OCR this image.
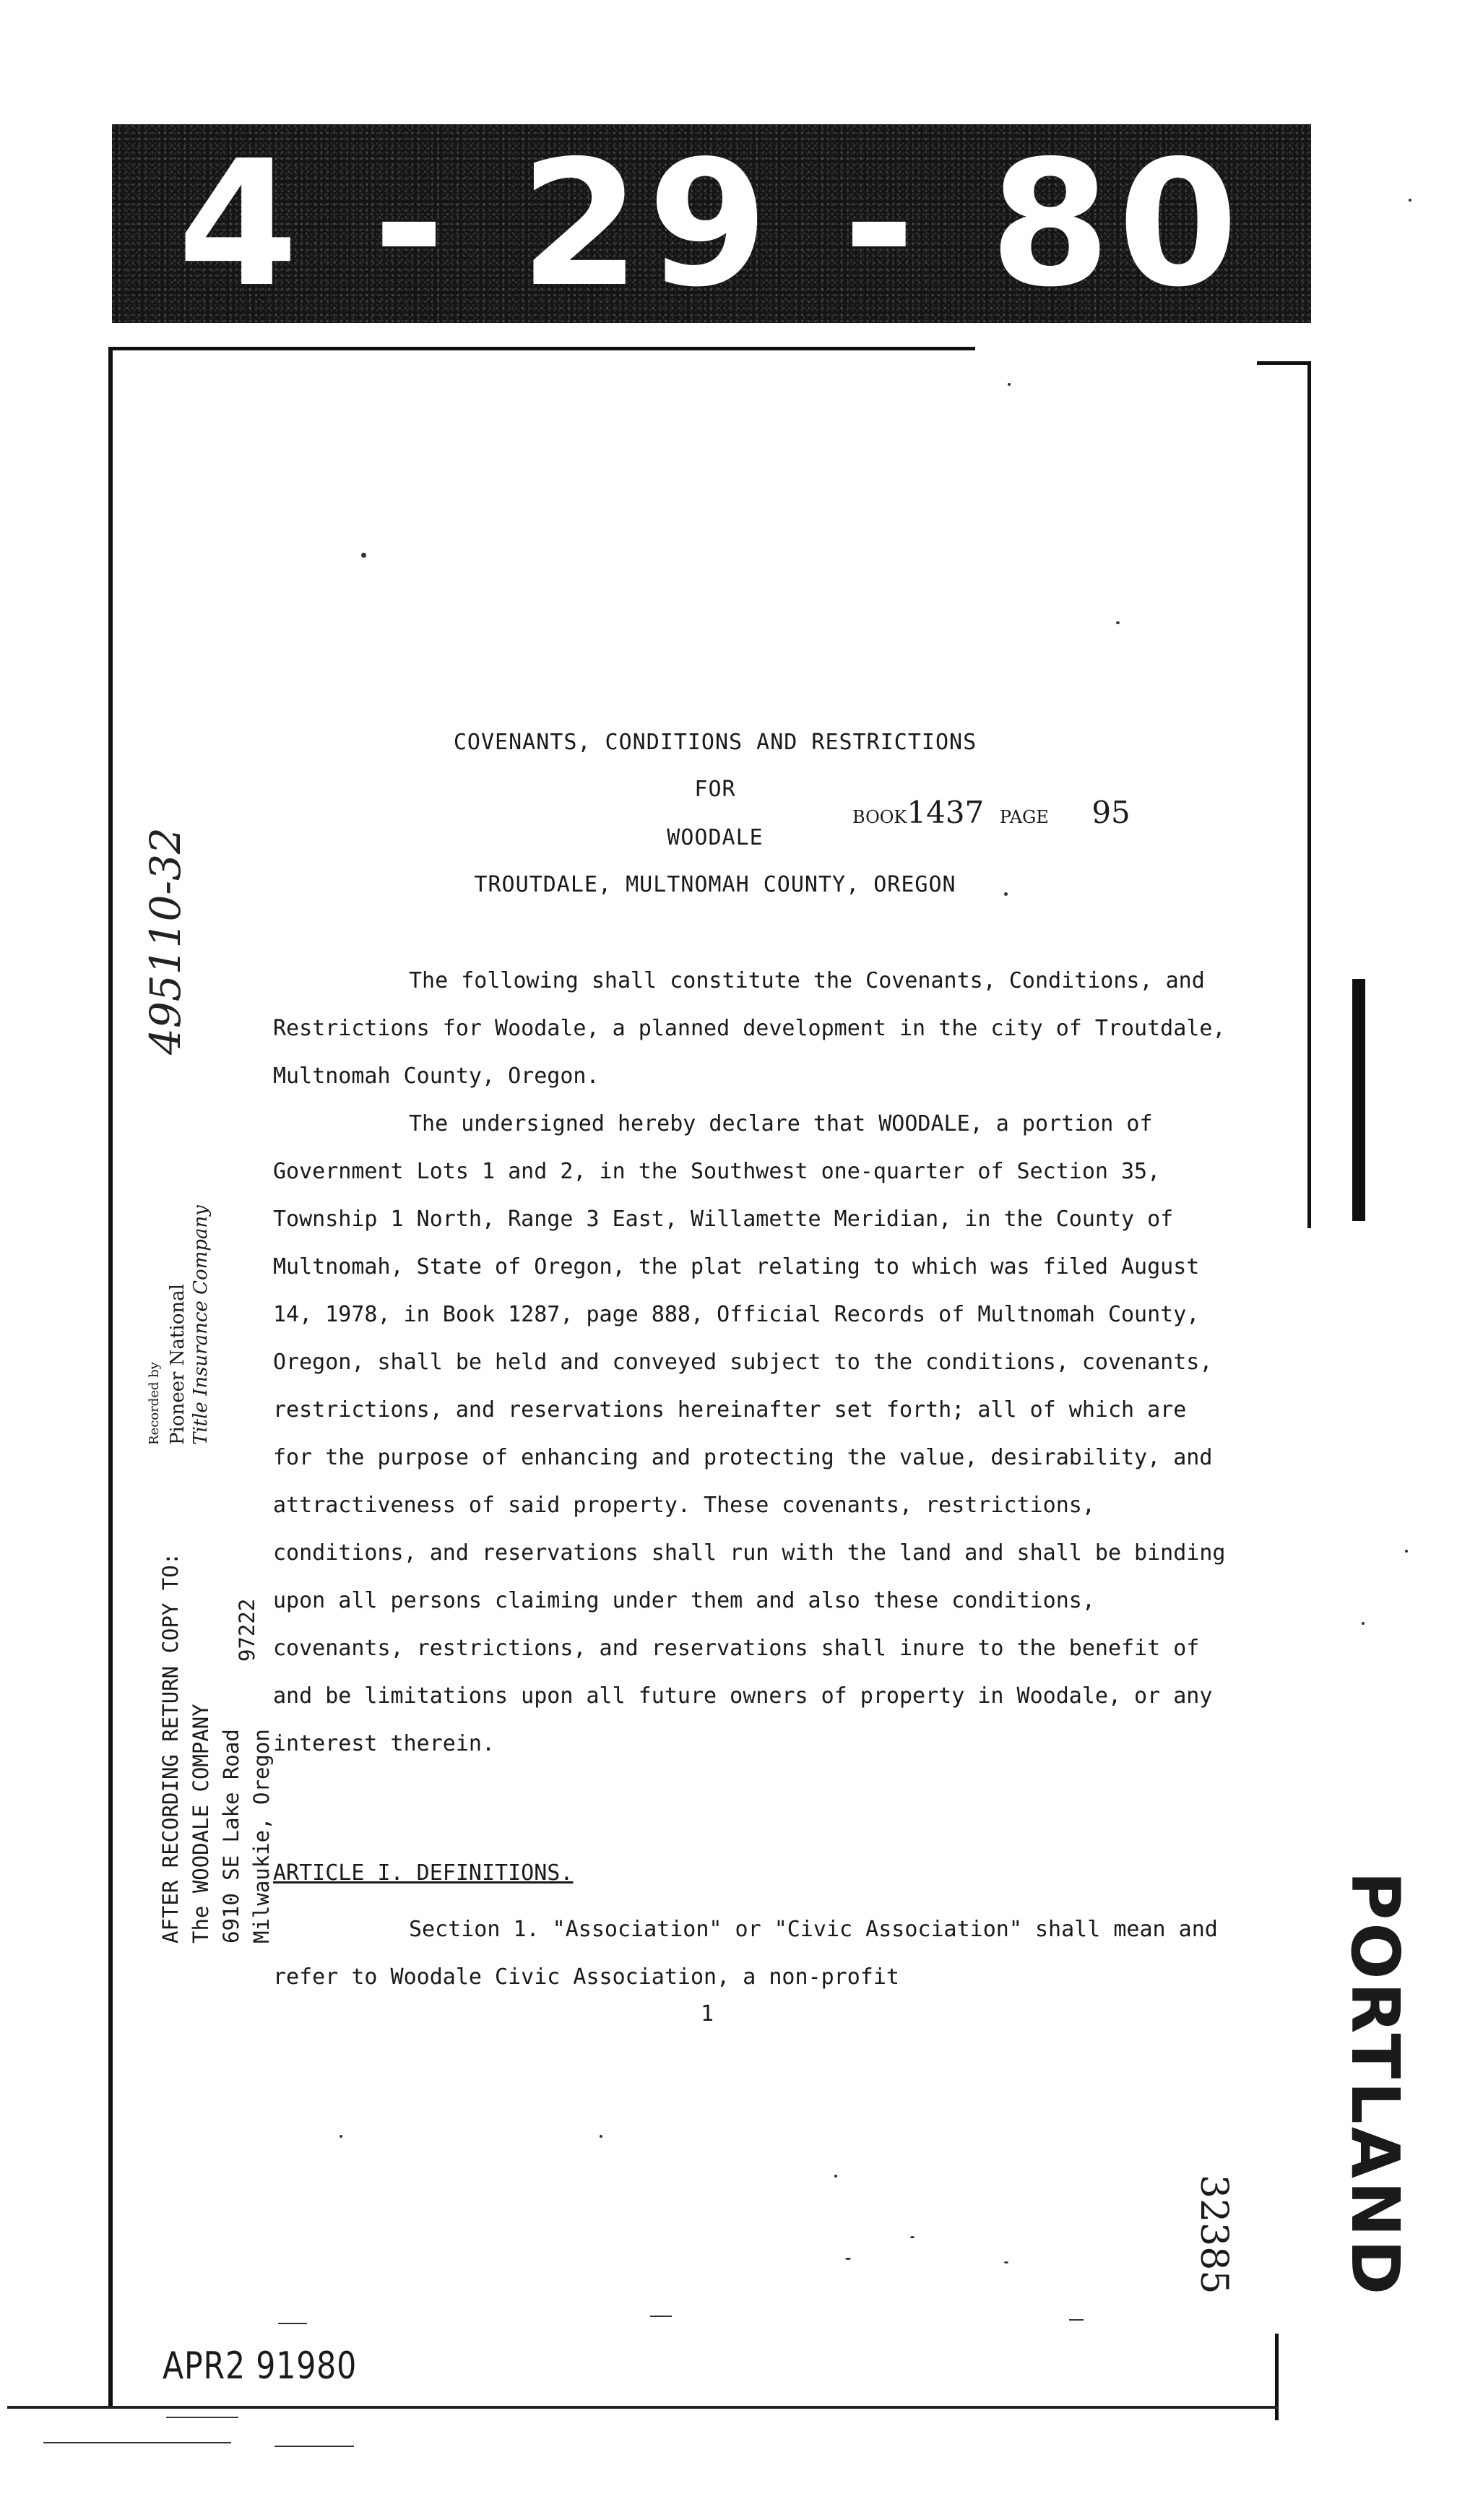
4 - 29 - 80
COVENANTS, CONDITIONS AND RESTRICTIONS
FOR
WOODALE
TROUTDALE, MULTNOMAH COUNTY, OREGON
BOOK1437 PAGE 95

The following shall constitute the Covenants, Conditions, and Restrictions for Woodale, a planned development in the city of Troutdale, Multnomah County, Oregon.

The undersigned hereby declare that WOODALE, a portion of Government Lots 1 and 2, in the Southwest one-quarter of Section 35, Township 1 North, Range 3 East, Willamette Meridian, in the County of Multnomah, State of Oregon, the plat relating to which was filed August 14, 1978, in Book 1287, page 888, Official Records of Multnomah County, Oregon, shall be held and conveyed subject to the conditions, covenants, restrictions, and reservations hereinafter set forth; all of which are for the purpose of enhancing and protecting the value, desirability, and attractiveness of said property. These covenants, restrictions, conditions, and reservations shall run with the land and shall be binding upon all persons claiming under them and also these conditions, covenants, restrictions, and reservations shall inure to the benefit of and be limitations upon all future owners of property in Woodale, or any interest therein.

ARTICLE I. DEFINITIONS.
Section 1. "Association" or "Civic Association" shall mean and refer to Woodale Civic Association, a non-profit
1
495110-32
Recorded by Pioneer National Title Insurance Company
AFTER RECORDING RETURN COPY TO: The WOODALE COMPANY 6910 SE Lake Road Milwaukie, Oregon
97222
PORTLAND
32385
APR2 91980
